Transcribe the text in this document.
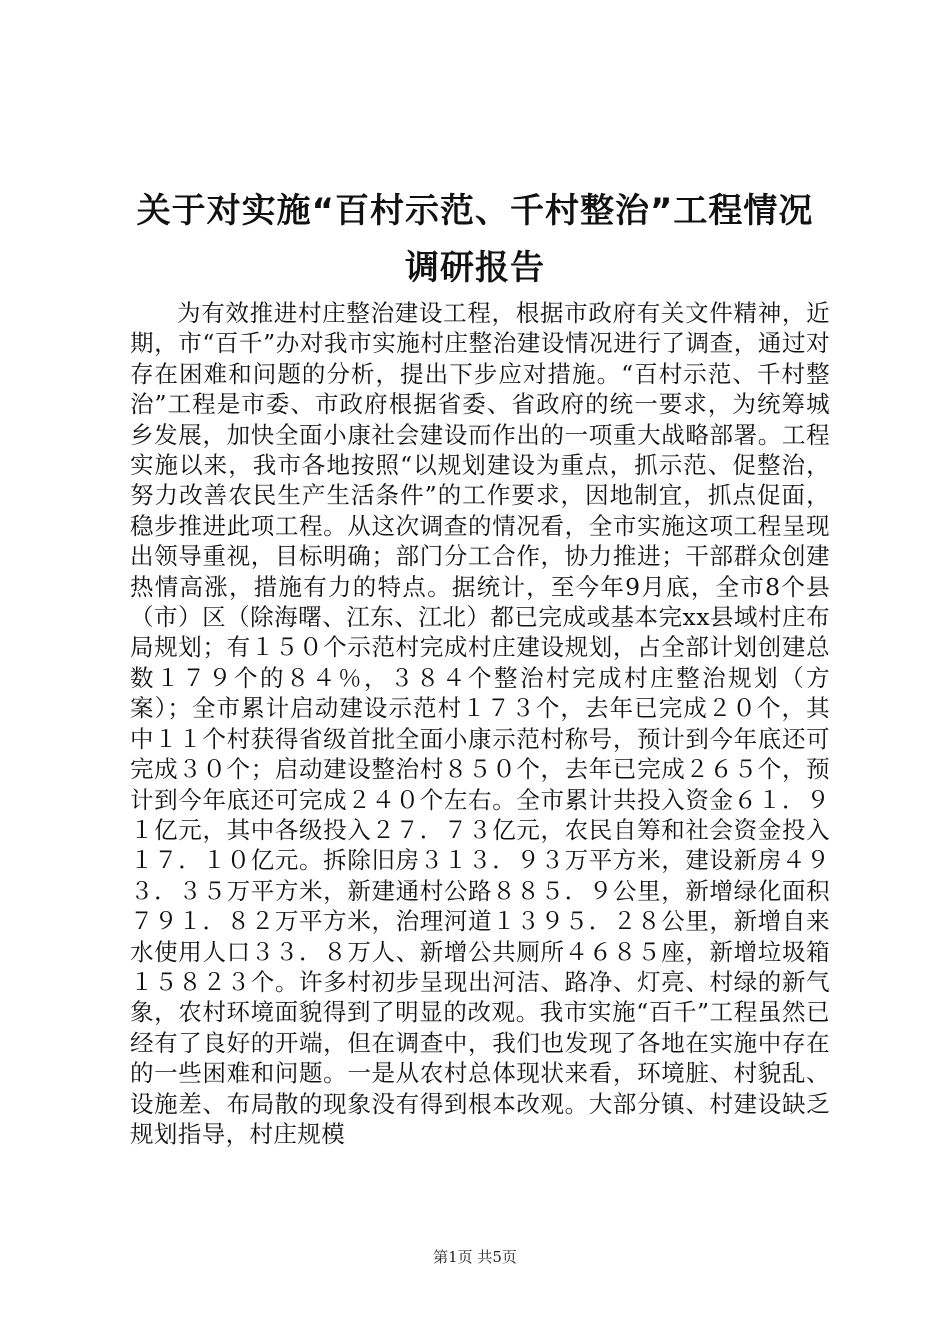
关于对实施“百村示范、千村整治”工程情况
调研报告

为有效推进村庄整治建设工程，根据市政府有关文件精神，近期，市“百千”办对我市实施村庄整治建设情况进行了调查，通过对存在困难和问题的分析，提出下步应对措施。“百村示范、千村整治”工程是市委、市政府根据省委、省政府的统一要求，为统筹城乡发展，加快全面小康社会建设而作出的一项重大战略部署。工程实施以来，我市各地按照“以规划建设为重点，抓示范、促整治，努力改善农民生产生活条件”的工作要求，因地制宜，抓点促面，稳步推进此项工程。从这次调查的情况看，全市实施这项工程呈现出领导重视，目标明确；部门分工合作，协力推进；干部群众创建热情高涨，措施有力的特点。据统计，至今年9月底，全市8个县（市）区（除海曙、江东、江北）都已完成或基本完xx县域村庄布局规划；有１５０个示范村完成村庄建设规划，占全部计划创建总数１７９个的８４％，３８４个整治村完成村庄整治规划（方案）；全市累计启动建设示范村１７３个，去年已完成２０个，其中１１个村获得省级首批全面小康示范村称号，预计到今年底还可完成３０个；启动建设整治村８５０个，去年已完成２６５个，预计到今年底还可完成２４０个左右。全市累计共投入资金６１．９１亿元，其中各级投入２７．７３亿元，农民自筹和社会资金投入１７．１０亿元。拆除旧房３１３．９３万平方米，建设新房４９３．３５万平方米，新建通村公路８８５．９公里，新增绿化面积７９１．８２万平方米，治理河道１３９５．２８公里，新增自来水使用人口３３．８万人、新增公共厕所４６８５座，新增垃圾箱１５８２３个。许多村初步呈现出河洁、路净、灯亮、村绿的新气象，农村环境面貌得到了明显的改观。我市实施“百千”工程虽然已经有了良好的开端，但在调查中，我们也发现了各地在实施中存在的一些困难和问题。一是从农村总体现状来看，环境脏、村貌乱、设施差、布局散的现象没有得到根本改观。大部分镇、村建设缺乏规划指导，村庄规模

第1页 共5页
